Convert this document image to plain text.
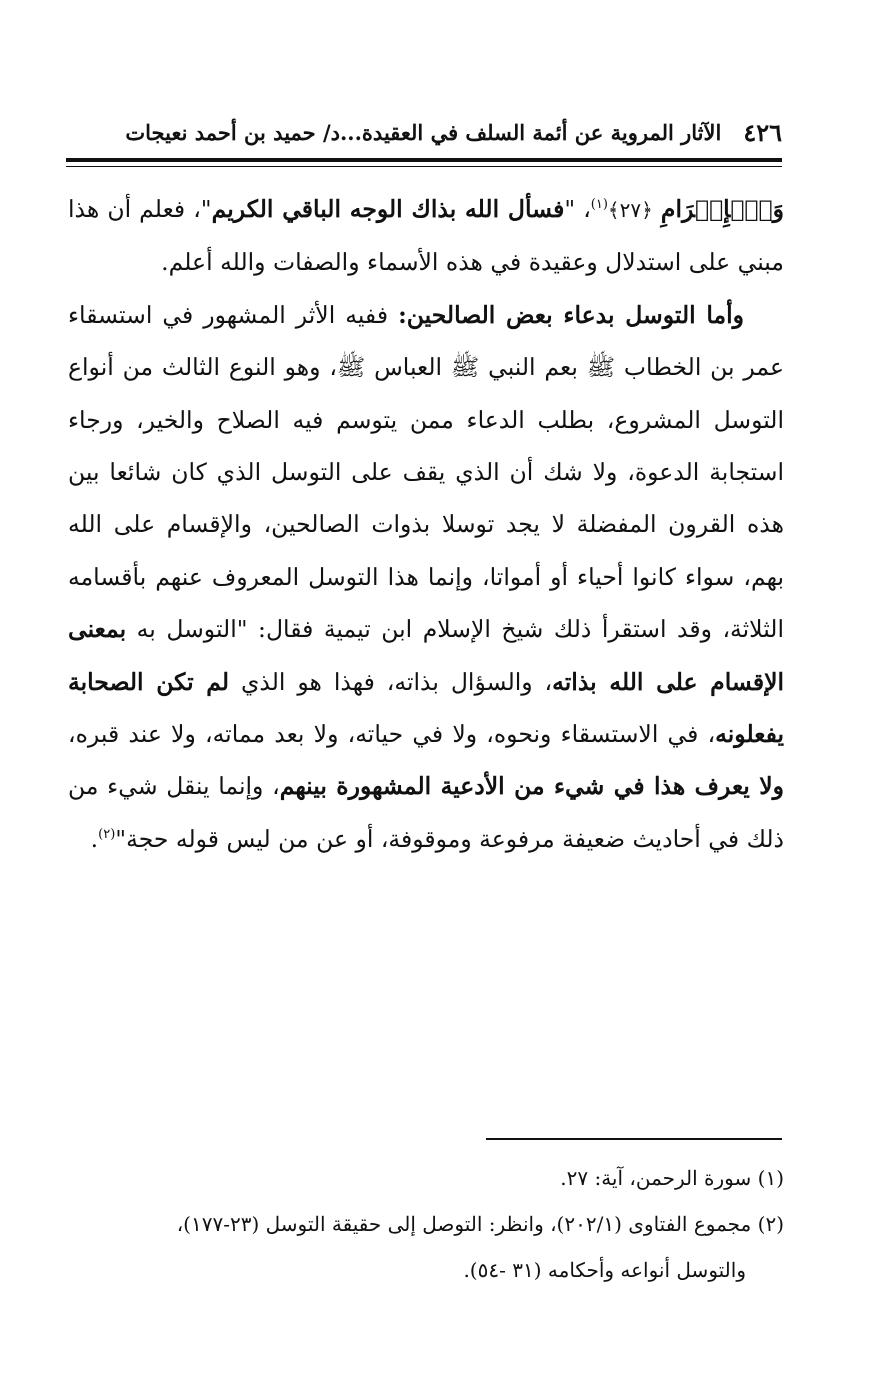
٤٢٦
الآثار المروية عن أئمة السلف في العقيدة...د/ حميد بن أحمد نعيجات

وَٱلۡإِكۡرَامِ ﴿٢٧﴾$^{(١)}$، "فسأل الله بذاك الوجه الباقي الكريم"، فعلم أن هذا مبني على استدلال وعقيدة في هذه الأسماء والصفات والله أعلم.

وأما التوسل بدعاء بعض الصالحين: ففيه الأثر المشهور في استسقاء عمر بن الخطاب ﷺ بعم النبي ﷺ العباس ﷺ، وهو النوع الثالث من أنواع التوسل المشروع، بطلب الدعاء ممن يتوسم فيه الصلاح والخير، ورجاء استجابة الدعوة، ولا شك أن الذي يقف على التوسل الذي كان شائعا بين هذه القرون المفضلة لا يجد توسلا بذوات الصالحين، والإقسام على الله بهم، سواء كانوا أحياء أو أمواتا، وإنما هذا التوسل المعروف عنهم بأقسامه الثلاثة، وقد استقرأ ذلك شيخ الإسلام ابن تيمية فقال: "التوسل به بمعنى الإقسام على الله بذاته، والسؤال بذاته، فهذا هو الذي لم تكن الصحابة يفعلونه، في الاستسقاء ونحوه، ولا في حياته، ولا بعد مماته، ولا عند قبره، ولا يعرف هذا في شيء من الأدعية المشهورة بينهم، وإنما ينقل شيء من ذلك في أحاديث ضعيفة مرفوعة وموقوفة، أو عن من ليس قوله حجة"$^{(٢)}$.

(١) سورة الرحمن، آية: ٢٧.

(٢) مجموع الفتاوى (٢٠٢/١)، وانظر: التوصل إلى حقيقة التوسل (٢٣-١٧٧)،

والتوسل أنواعه وأحكامه (٣١ -٥٤).
